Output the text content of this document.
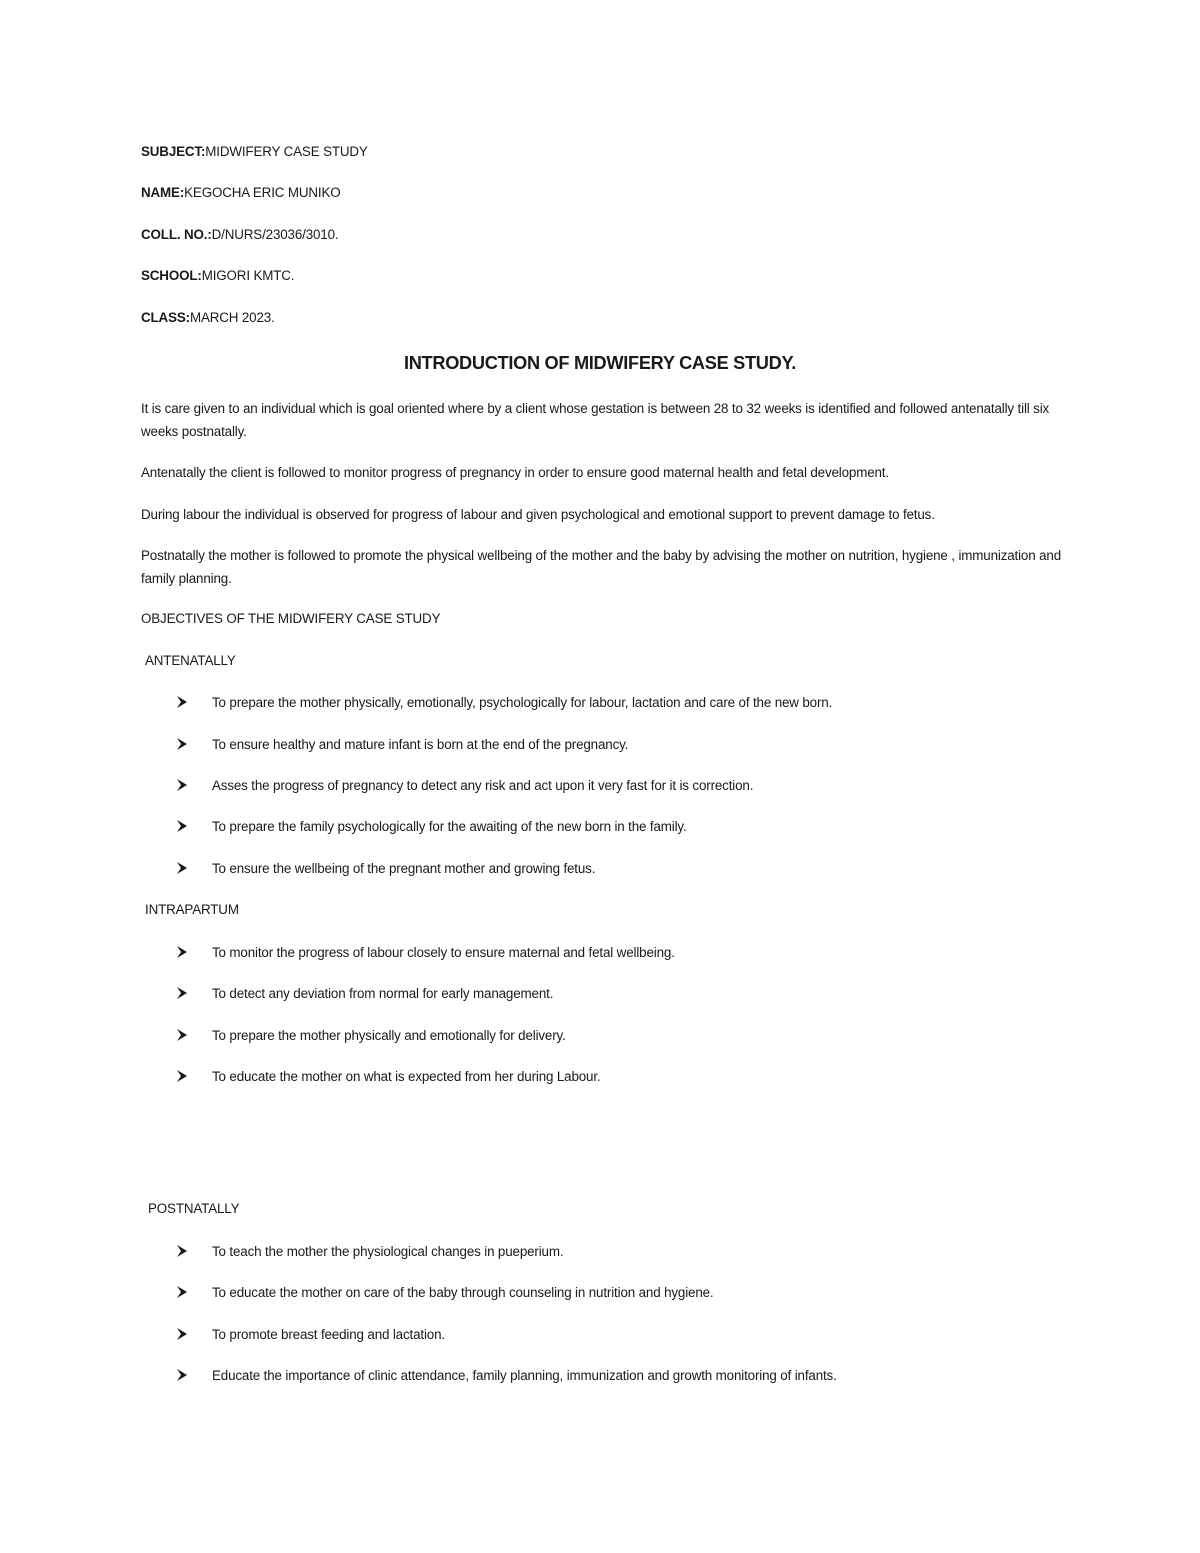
SUBJECT:MIDWIFERY CASE STUDY
NAME:KEGOCHA ERIC MUNIKO
COLL. NO.:D/NURS/23036/3010.
SCHOOL:MIGORI KMTC.
CLASS:MARCH 2023.
INTRODUCTION OF MIDWIFERY CASE STUDY.
It is care given to an individual which is goal oriented where by a client whose gestation is between 28 to 32 weeks is identified and followed antenatally till six weeks postnatally.
Antenatally the client is followed to monitor progress of pregnancy in order to ensure good maternal health and fetal development.
During labour the individual is observed for progress of labour and given psychological and emotional support to prevent damage to fetus.
Postnatally the mother is followed to promote the physical wellbeing of the mother and the baby by advising the mother on nutrition, hygiene , immunization and family planning.
OBJECTIVES OF THE MIDWIFERY CASE STUDY
ANTENATALLY
To prepare the mother physically, emotionally, psychologically for labour, lactation and care of the new born.
To ensure healthy and mature infant is born at the end of the pregnancy.
Asses the progress of pregnancy to detect any risk and act upon it very fast for it is correction.
To prepare the family psychologically for the awaiting of the new born in the family.
To ensure the wellbeing of the pregnant mother and growing fetus.
INTRAPARTUM
To monitor the progress of labour closely to ensure maternal and fetal wellbeing.
To detect any deviation from normal for early management.
To prepare the mother physically and emotionally for delivery.
To educate the mother on what is expected from her during Labour.
POSTNATALLY
To teach the mother the physiological changes in pueperium.
To educate the mother on care of the baby through counseling in nutrition and hygiene.
To promote breast feeding and lactation.
Educate the importance of clinic attendance, family planning, immunization and growth monitoring of infants.
